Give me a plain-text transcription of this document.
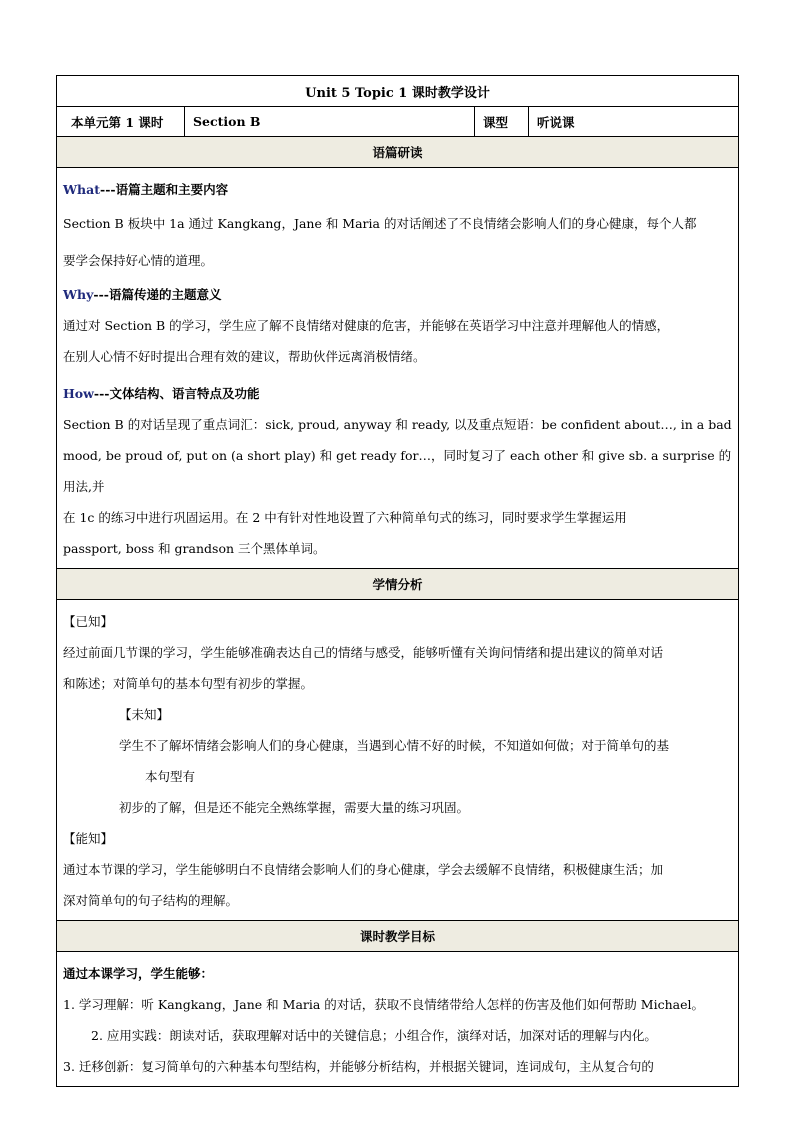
Unit 5 Topic 1 课时教学设计
本单元第 1 课时	Section B	课型	听说课
语篇研读

What---语篇主题和主要内容

Section B 板块中 1a 通过 Kangkang，Jane 和 Maria 的对话阐述了不良情绪会影响人们的身心健康，每个人都

要学会保持好心情的道理。

Why---语篇传递的主题意义

通过对 Section B 的学习，学生应了解不良情绪对健康的危害，并能够在英语学习中注意并理解他人的情感，

在别人心情不好时提出合理有效的建议，帮助伙伴远离消极情绪。

How---文体结构、语言特点及功能

Section B 的对话呈现了重点词汇：sick, proud, anyway 和 ready, 以及重点短语：be confident about…, in a bad

mood, be proud of, put on (a short play) 和 get ready for…，同时复习了 each other 和 give sb. a surprise 的用法,并

在 1c 的练习中进行巩固运用。在 2 中有针对性地设置了六种简单句式的练习，同时要求学生掌握运用

passport, boss 和 grandson 三个黑体单词。

学情分析

【已知】

经过前面几节课的学习，学生能够准确表达自己的情绪与感受，能够听懂有关询问情绪和提出建议的简单对话

和陈述；对简单句的基本句型有初步的掌握。

【未知】

学生不了解坏情绪会影响人们的身心健康，当遇到心情不好的时候，不知道如何做；对于简单句的基

本句型有

初步的了解，但是还不能完全熟练掌握，需要大量的练习巩固。

【能知】

通过本节课的学习，学生能够明白不良情绪会影响人们的身心健康，学会去缓解不良情绪，积极健康生活；加

深对简单句的句子结构的理解。

课时教学目标

通过本课学习，学生能够：

1. 学习理解：听 Kangkang，Jane 和 Maria 的对话，获取不良情绪带给人怎样的伤害及他们如何帮助 Michael。

2. 应用实践：朗读对话，获取理解对话中的关键信息；小组合作，演绎对话，加深对话的理解与内化。

3. 迁移创新：复习简单句的六种基本句型结构，并能够分析结构，并根据关键词，连词成句，主从复合句的
